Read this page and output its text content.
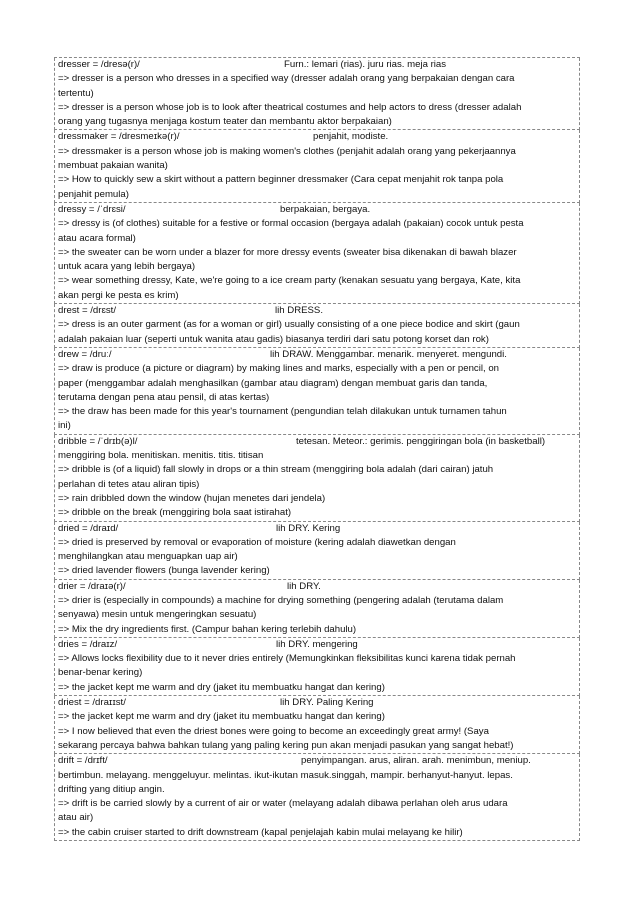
dresser = /dresə(r)/	Furn.: lemari (rias). juru rias. meja rias
=> dresser is a person who dresses in a specified way (dresser adalah orang yang berpakaian dengan cara
tertentu)
=> dresser is a person whose job is to look after theatrical costumes and help actors to dress (dresser adalah
orang yang tugasnya menjaga kostum teater dan membantu aktor berpakaian)
dressmaker = /dresmeɪkə(r)/	penjahit, modiste.
=> dressmaker is a person whose job is making women's clothes (penjahit adalah orang yang pekerjaannya
membuat pakaian wanita)
=> How to quickly sew a skirt without a pattern beginner dressmaker (Cara cepat menjahit rok tanpa pola
penjahit pemula)
dressy = /ˈdrɛsi/	berpakaian, bergaya.
=> dressy is (of clothes) suitable for a festive or formal occasion (bergaya adalah (pakaian) cocok untuk pesta
atau acara formal)
=> the sweater can be worn under a blazer for more dressy events (sweater bisa dikenakan di bawah blazer
untuk acara yang lebih bergaya)
=> wear something dressy, Kate, we're going to a ice cream party (kenakan sesuatu yang bergaya, Kate, kita
akan pergi ke pesta es krim)
drest = /drɛst/	lih DRESS.
=> dress is an outer garment (as for a woman or girl) usually consisting of a one piece bodice and skirt (gaun
adalah pakaian luar (seperti untuk wanita atau gadis) biasanya terdiri dari satu potong korset dan rok)
drew = /druː/	lih DRAW. Menggambar. menarik. menyeret. mengundi.
=> draw is produce (a picture or diagram) by making lines and marks, especially with a pen or pencil, on
paper (menggambar adalah menghasilkan (gambar atau diagram) dengan membuat garis dan tanda,
terutama dengan pena atau pensil, di atas kertas)
=> the draw has been made for this year's tournament (pengundian telah dilakukan untuk turnamen tahun
ini)
dribble = /ˈdrɪb(ə)l/	tetesan. Meteor.: gerimis. penggiringan bola (in basketball)
menggiring bola. menitiskan. menitis. titis. titisan
=> dribble is (of a liquid) fall slowly in drops or a thin stream (menggiring bola adalah (dari cairan) jatuh
perlahan di tetes atau aliran tipis)
=> rain dribbled down the window (hujan menetes dari jendela)
=> dribble on the break (menggiring bola saat istirahat)
dried = /draɪd/	lih DRY. Kering
=> dried is preserved by removal or evaporation of moisture (kering adalah diawetkan dengan
menghilangkan atau menguapkan uap air)
=> dried lavender flowers (bunga lavender kering)
drier = /draɪə(r)/	lih DRY.
=> drier is (especially in compounds) a machine for drying something (pengering adalah (terutama dalam
senyawa) mesin untuk mengeringkan sesuatu)
=> Mix the dry ingredients first. (Campur bahan kering terlebih dahulu)
dries = /draɪz/	lih DRY. mengering
=> Allows locks flexibility due to it never dries entirely (Memungkinkan fleksibilitas kunci karena tidak pernah
benar-benar kering)
=> the jacket kept me warm and dry (jaket itu membuatku hangat dan kering)
driest = /draɪɪst/	lih DRY. Paling Kering
=> the jacket kept me warm and dry (jaket itu membuatku hangat dan kering)
=> I now believed that even the driest bones were going to become an exceedingly great army! (Saya
sekarang percaya bahwa bahkan tulang yang paling kering pun akan menjadi pasukan yang sangat hebat!)
drift = /drɪft/	penyimpangan. arus, aliran. arah. menimbun, meniup.
bertimbun. melayang. menggeluyur. melintas. ikut-ikutan masuk.singgah, mampir. berhanyut-hanyut. lepas.
drifting yang ditiup angin.
=> drift is be carried slowly by a current of air or water (melayang adalah dibawa perlahan oleh arus udara
atau air)
=> the cabin cruiser started to drift downstream (kapal penjelajah kabin mulai melayang ke hilir)
